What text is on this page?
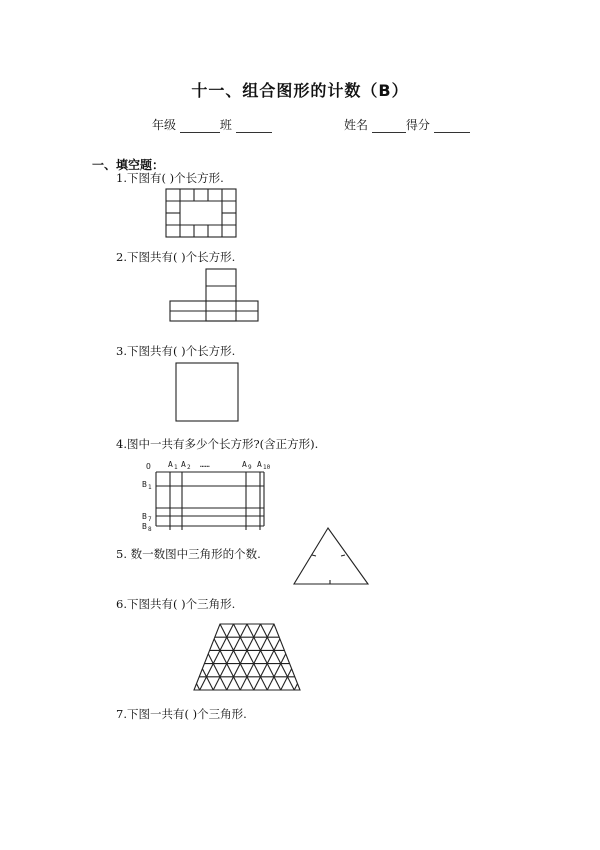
十一、组合图形的计数（B）
年级	班	姓名	得分
一、填空题：
1.下图有( )个长方形.
2.下图共有( )个长方形.
3.下图共有( )个长方形.
4.图中一共有多少个长方形?(含正方形).
O A 1 A 2 ……	A 9 A 10
B 1
B 7
B 8
5. 数一数图中三角形的个数.
6.下图共有( )个三角形.
7.下图一共有( )个三角形.
